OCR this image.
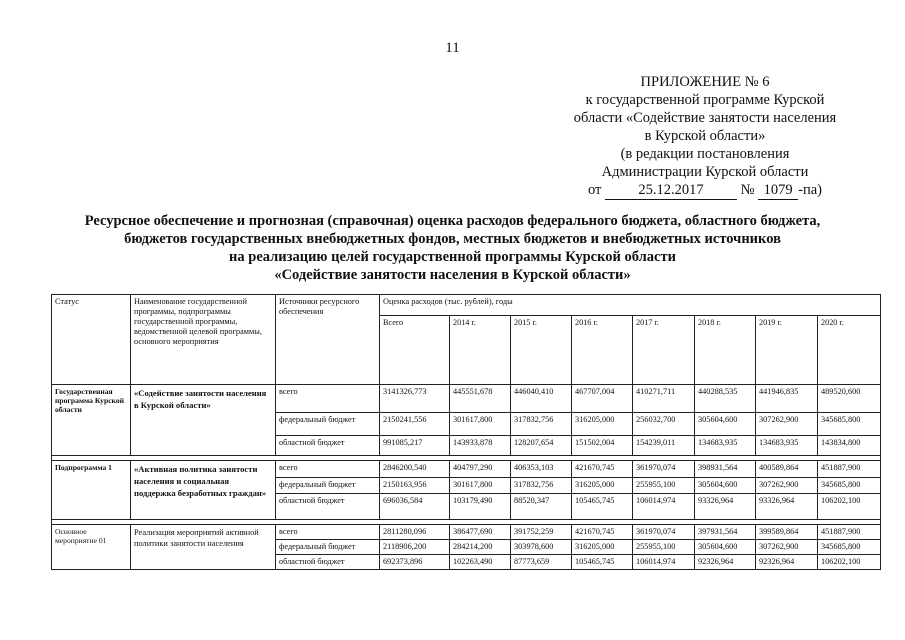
11
ПРИЛОЖЕНИЕ № 6
к государственной программе Курской
области «Содействие занятости населения
в Курской области»
(в редакции постановления
Администрации Курской области
от	25.12.2017	№ 1079 -па)
Ресурсное обеспечение и прогнозная (справочная) оценка расходов федерального бюджета, областного бюджета,
бюджетов государственных внебюджетных фондов, местных бюджетов и внебюджетных источников
на реализацию целей государственной программы Курской области
«Содействие занятости населения в Курской области»
Статус	Наименование государственной программы, подпрограммы государственной программы, ведомственной целевой программы, основного мероприятия	Источники ресурсного обеспечения	Оценка расходов (тыс. рублей), годы							
			Всего	2014 г.	2015 г.	2016 г.	2017 г.	2018 г.	2019 г.	2020 г.
Государственная программа Курской области	«Содействие занятости населения в Курской области»	всего	3141326,773	445551,678	446040,410	467707,004	410271,711	440288,535	441946,835	489520,600
		федеральный бюджет	2150241,556	301617,800	317832,756	316205,000	256032,700	305604,600	307262,900	345685,800
		областной бюджет	991085,217	143933,878	128207,654	151502,004	154239,011	134683,935	134683,935	143834,800

Подпрограмма 1	«Активная политика занятости населения и социальная поддержка безработных граждан»	всего	2846200,540	404797,290	406353,103	421670,745	361970,074	398931,564	400589,864	451887,900
		федеральный бюджет	2150163,956	301617,800	317832,756	316205,000	255955,100	305604,600	307262,900	345685,800
		областной бюджет	696036,584	103179,490	88520,347	105465,745	106014,974	93326,964	93326,964	106202,100

Основное мероприятие 01	Реализация мероприятий активной политики занятости населения	всего	2811280,096	386477,690	391752,259	421670,745	361970,074	397931,564	399589,864	451887,900
		федеральный бюджет	2118906,200	284214,200	303978,600	316205,000	255955,100	305604,600	307262,900	345685,800
		областной бюджет	692373,896	102263,490	87773,659	105465,745	106014,974	92326,964	92326,964	106202,100
